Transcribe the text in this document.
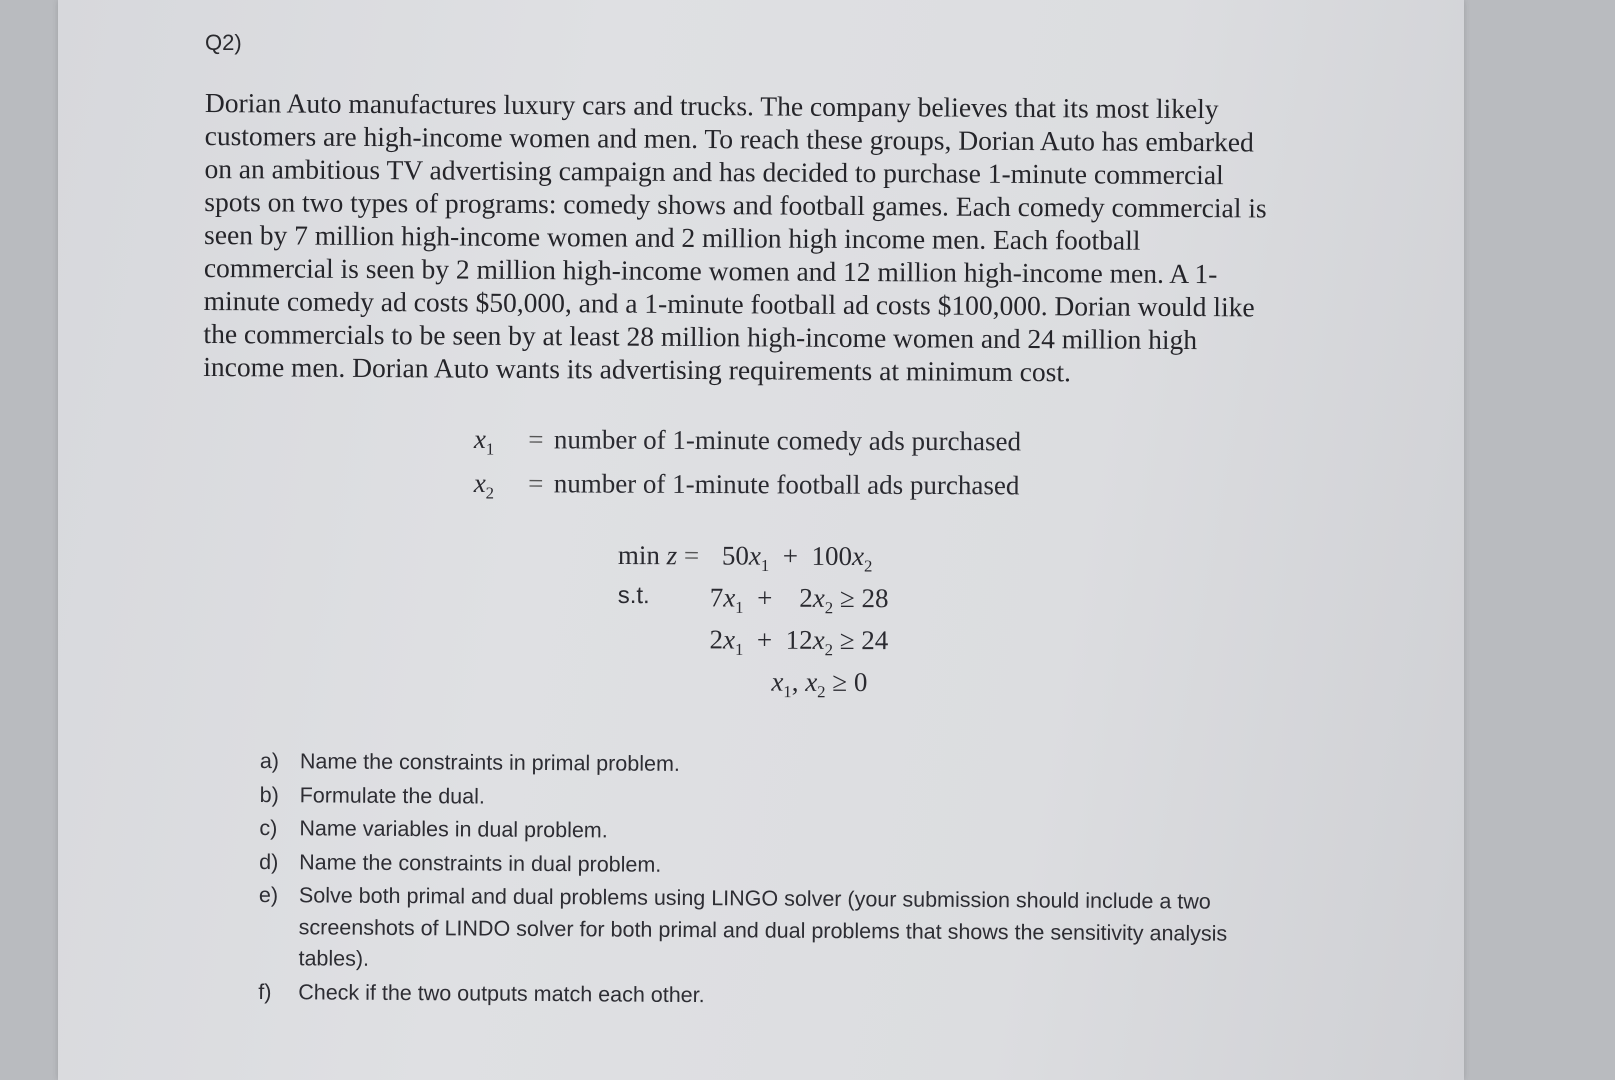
Q2)
Dorian Auto manufactures luxury cars and trucks. The company believes that its most likely
customers are high-income women and men. To reach these groups, Dorian Auto has embarked
on an ambitious TV advertising campaign and has decided to purchase 1-minute commercial
spots on two types of programs: comedy shows and football games. Each comedy commercial is
seen by 7 million high-income women and 2 million high income men. Each football
commercial is seen by 2 million high-income women and 12 million high-income men. A 1-
minute comedy ad costs $50,000, and a 1-minute football ad costs $100,000. Dorian would like
the commercials to be seen by at least 28 million high-income women and 24 million high
income men. Dorian Auto wants its advertising requirements at minimum cost.
$x_1$	= number of 1-minute comedy ads purchased
$x_2$	= number of 1-minute football ads purchased
$\min z = 50x_1 + 100x_2$
s.t. $7x_1$  +    $2x_2 \ge 28$
$2x_1 + 12x_2 \ge 24$
$x_1$, $x_2 \ge 0$
a) Name the constraints in primal problem.
b) Formulate the dual.
c)	Name variables in dual problem.
d) Name the constraints in dual problem.
e) Solve both primal and dual problems using LINGO solver (your submission should include a two screenshots of LINDO solver for both primal and dual problems that shows the sensitivity analysis tables).
f)	Check if the two outputs match each other.
